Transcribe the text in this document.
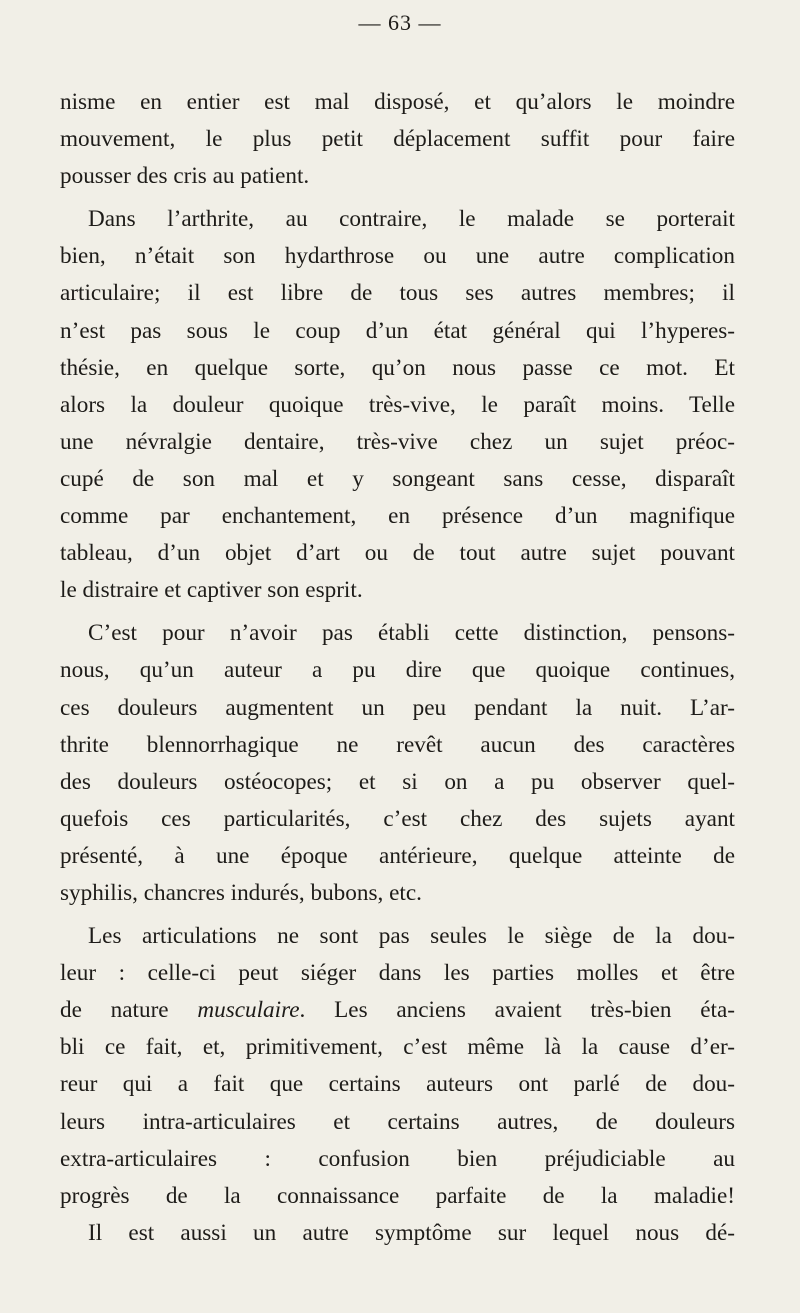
— 63 —
nisme en entier est mal disposé, et qu’alors le moindre
mouvement, le plus petit déplacement suffit pour faire
pousser des cris au patient.
Dans l’arthrite, au contraire, le malade se porterait
bien, n’était son hydarthrose ou une autre complication
articulaire; il est libre de tous ses autres membres; il
n’est pas sous le coup d’un état général qui l’hyperes-
thésie, en quelque sorte, qu’on nous passe ce mot. Et
alors la douleur quoique très-vive, le paraît moins. Telle
une névralgie dentaire, très-vive chez un sujet préoc-
cupé de son mal et y songeant sans cesse, disparaît
comme par enchantement, en présence d’un magnifique
tableau, d’un objet d’art ou de tout autre sujet pouvant
le distraire et captiver son esprit.
C’est pour n’avoir pas établi cette distinction, pensons-
nous, qu’un auteur a pu dire que quoique continues,
ces douleurs augmentent un peu pendant la nuit. L’ar-
thrite blennorrhagique ne revêt aucun des caractères
des douleurs ostéocopes; et si on a pu observer quel-
quefois ces particularités, c’est chez des sujets ayant
présenté, à une époque antérieure, quelque atteinte de
syphilis, chancres indurés, bubons, etc.
Les articulations ne sont pas seules le siège de la dou-
leur : celle-ci peut siéger dans les parties molles et être
de nature musculaire. Les anciens avaient très-bien éta-
bli ce fait, et, primitivement, c’est même là la cause d’er-
reur qui a fait que certains auteurs ont parlé de dou-
leurs intra-articulaires et certains autres, de douleurs
extra-articulaires : confusion bien préjudiciable au
progrès de la connaissance parfaite de la maladie!
Il est aussi un autre symptôme sur lequel nous dé-
